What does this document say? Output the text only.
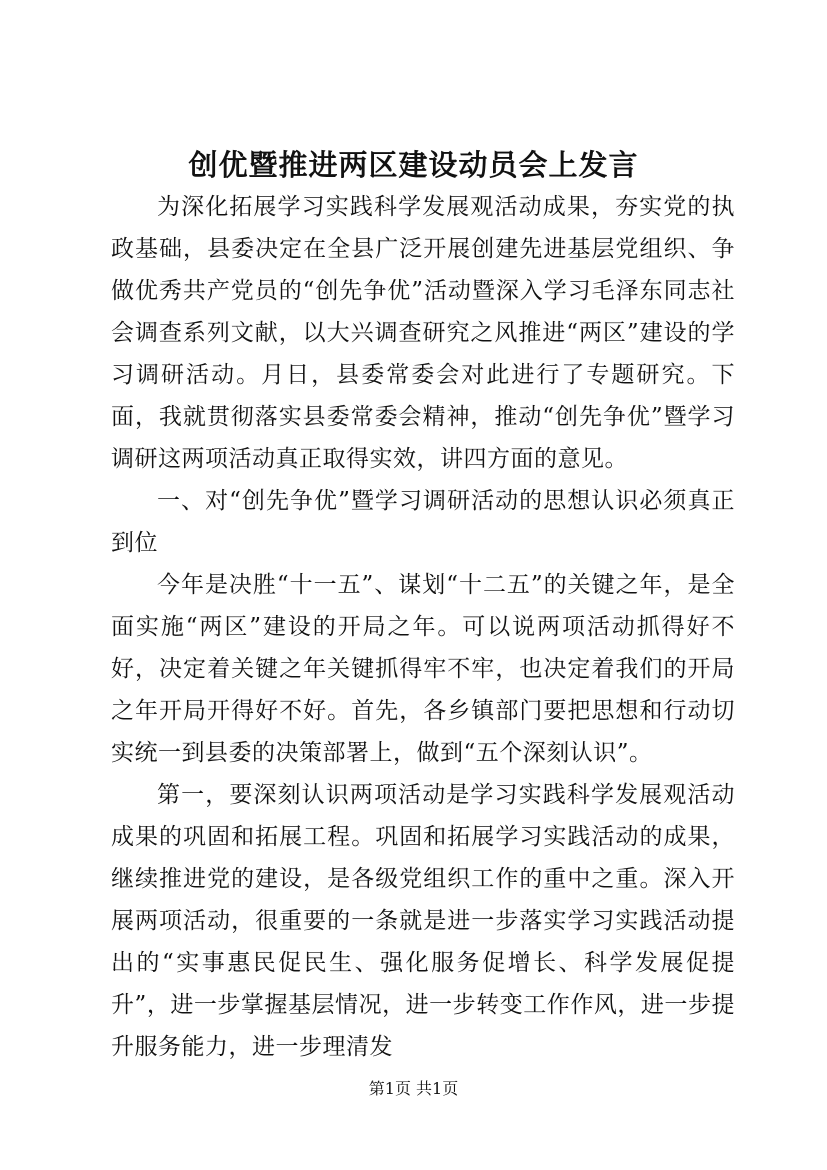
创优暨推进两区建设动员会上发言

为深化拓展学习实践科学发展观活动成果，夯实党的执政基础，县委决定在全县广泛开展创建先进基层党组织、争做优秀共产党员的“创先争优”活动暨深入学习毛泽东同志社会调查系列文献，以大兴调查研究之风推进“两区”建设的学习调研活动。月日，县委常委会对此进行了专题研究。下面，我就贯彻落实县委常委会精神，推动“创先争优”暨学习调研这两项活动真正取得实效，讲四方面的意见。

一、对“创先争优”暨学习调研活动的思想认识必须真正到位

今年是决胜“十一五”、谋划“十二五”的关键之年，是全面实施“两区”建设的开局之年。可以说两项活动抓得好不好，决定着关键之年关键抓得牢不牢，也决定着我们的开局之年开局开得好不好。首先，各乡镇部门要把思想和行动切实统一到县委的决策部署上，做到“五个深刻认识”。

第一，要深刻认识两项活动是学习实践科学发展观活动成果的巩固和拓展工程。巩固和拓展学习实践活动的成果，继续推进党的建设，是各级党组织工作的重中之重。深入开展两项活动，很重要的一条就是进一步落实学习实践活动提出的“实事惠民促民生、强化服务促增长、科学发展促提升”，进一步掌握基层情况，进一步转变工作作风，进一步提升服务能力，进一步理清发

第1页 共1页
